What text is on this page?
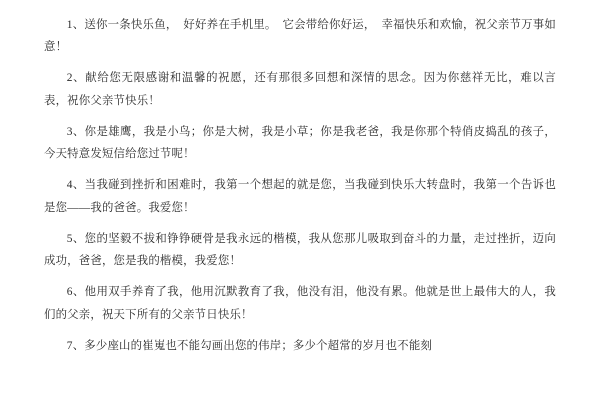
1、送你一条快乐鱼，　好好养在手机里。　它会带给你好运，　幸福快乐和欢愉，祝父亲节万事如意！

2、献给您无限感谢和温馨的祝愿，还有那很多回想和深情的思念。因为你慈祥无比，难以言表，祝你父亲节快乐！

3、你是雄鹰，我是小鸟；你是大树，我是小草；你是我老爸，我是你那个特俏皮捣乱的孩子，今天特意发短信给您过节呢！

4、当我碰到挫折和困难时，我第一个想起的就是您，当我碰到快乐大转盘时，我第一个告诉也是您——我的爸爸。我爱您！

5、您的坚毅不拔和铮铮硬骨是我永远的楷模，我从您那儿吸取到奋斗的力量，走过挫折，迈向成功，爸爸，您是我的楷模，我爱您！

6、他用双手养育了我，他用沉默教育了我，他没有泪，他没有累。他就是世上最伟大的人，我们的父亲，祝天下所有的父亲节日快乐！

7、多少座山的崔嵬也不能勾画出您的伟岸；多少个超常的岁月也不能刻
